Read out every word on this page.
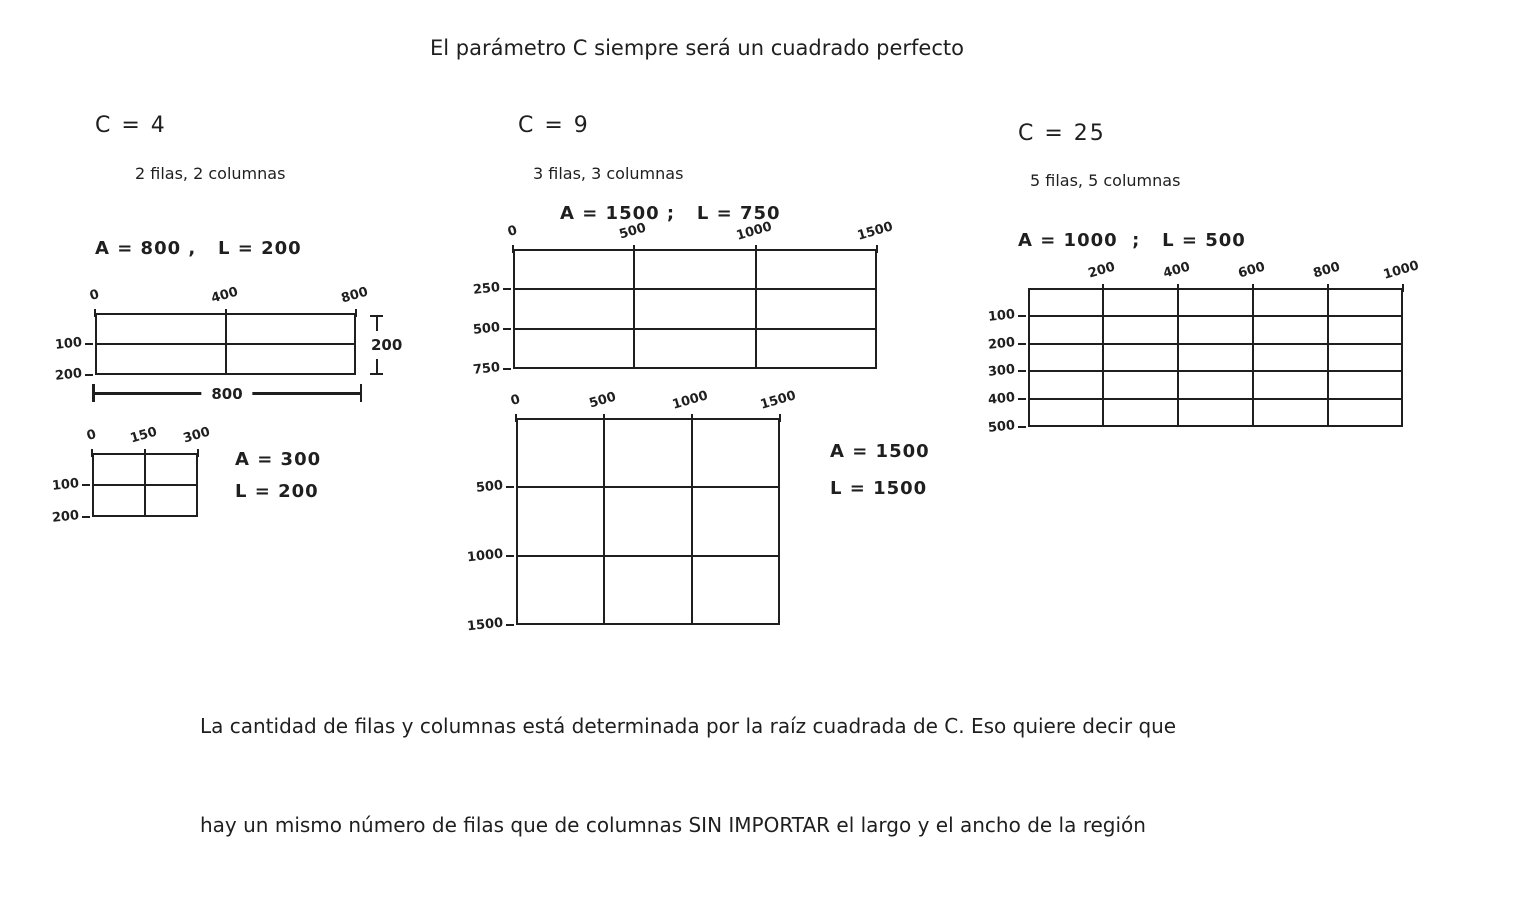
El parámetro C siempre será un cuadrado perfecto
C = 4
2 filas, 2 columnas
A = 800 ,   L = 200
0	400	800
100
200
200
800
0 150 300
100
200
A = 300
L = 200
C = 9
3 filas, 3 columnas
A = 1500 ;   L = 750
0	500	1000	1500
250
500
750
0	500	1000	1500
500
1000
1500
A = 1500
L = 1500
C = 25
5 filas, 5 columnas
A = 1000  ;   L = 500
200	400	600	800	1000
100
200
300
400
500

La cantidad de filas y columnas está determinada por la raíz cuadrada de C. Eso quiere decir que

hay un mismo número de filas que de columnas SIN IMPORTAR el largo y el ancho de la región
